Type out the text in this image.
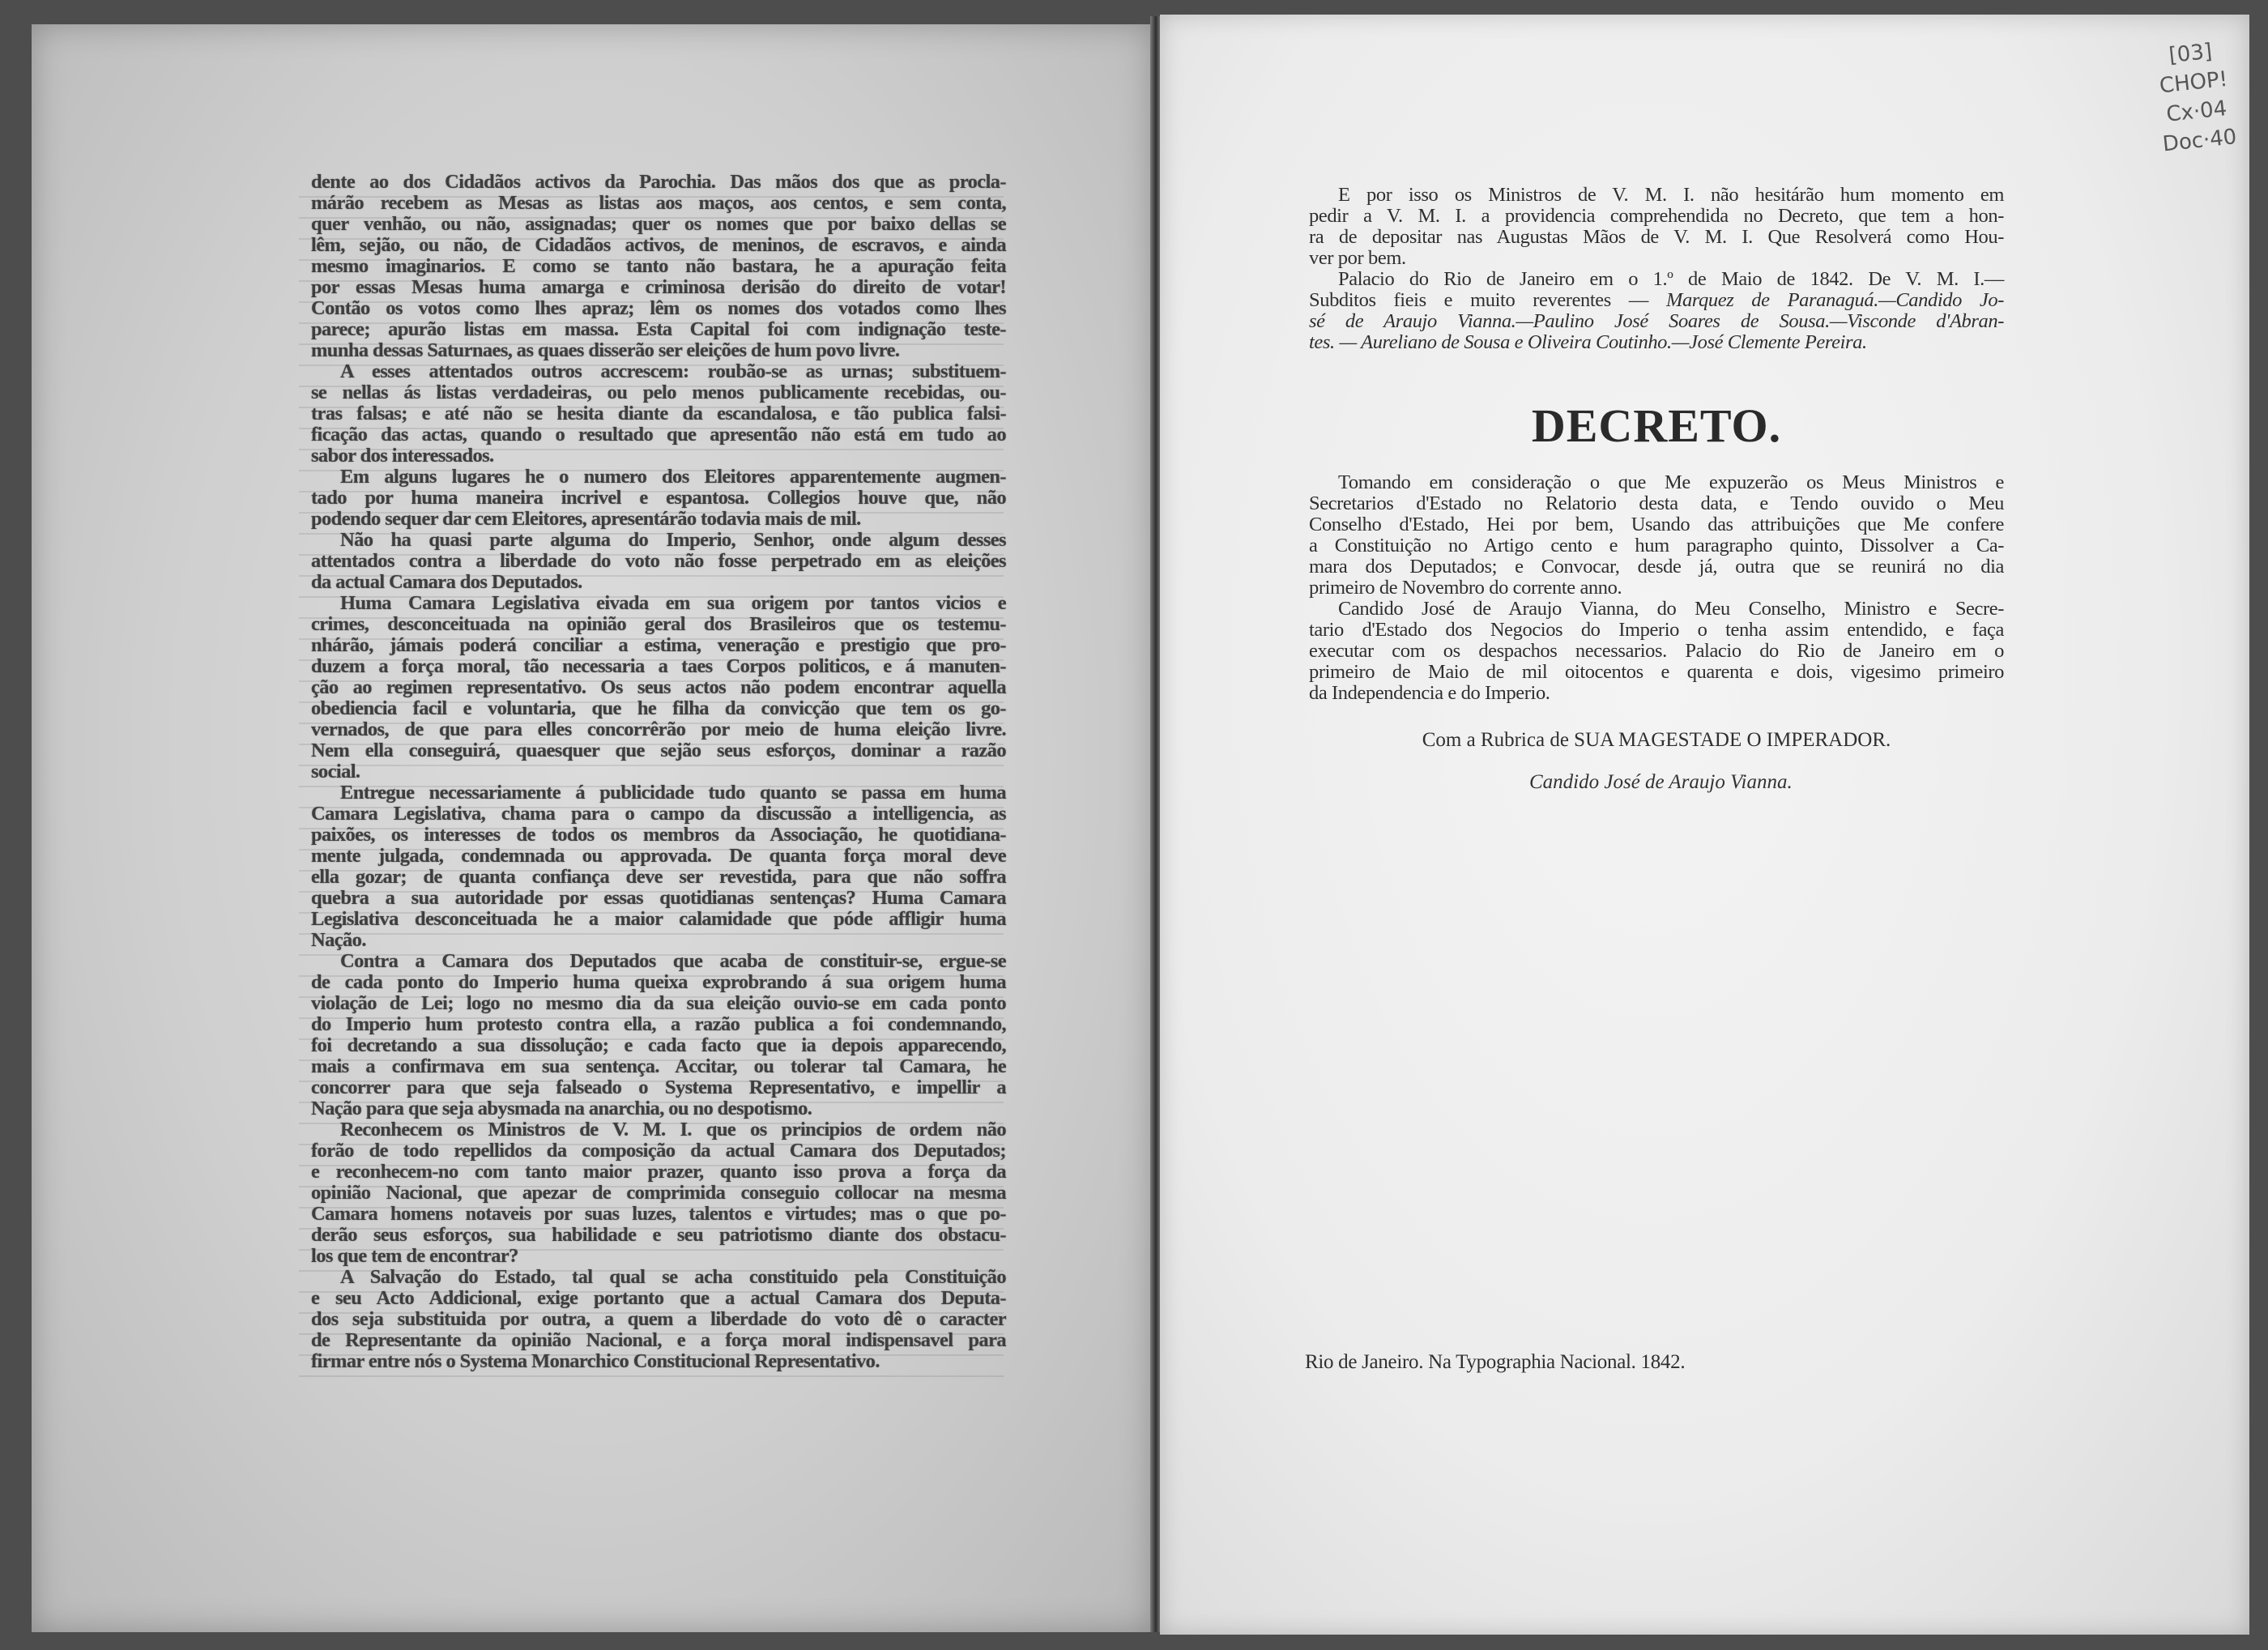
[03]
CHOP!
Cx·04
Doc·40
dente ao dos Cidadãos activos da Parochia. Das mãos dos que as procla-
márão recebem as Mesas as listas aos maços, aos centos, e sem conta,
quer venhão, ou não, assignadas; quer os nomes que por baixo dellas se
lêm, sejão, ou não, de Cidadãos activos, de meninos, de escravos, e ainda
mesmo imaginarios. E como se tanto não bastara, he a apuração feita
por essas Mesas huma amarga e criminosa derisão do direito de votar!
Contão os votos como lhes apraz; lêm os nomes dos votados como lhes
parece; apurão listas em massa. Esta Capital foi com indignação teste-
munha dessas Saturnaes, as quaes disserão ser eleições de hum povo livre.
A esses attentados outros accrescem: roubão-se as urnas; substituem-
se nellas ás listas verdadeiras, ou pelo menos publicamente recebidas, ou-
tras falsas; e até não se hesita diante da escandalosa, e tão publica falsi-
ficação das actas, quando o resultado que apresentão não está em tudo ao
sabor dos interessados.
Em alguns lugares he o numero dos Eleitores apparentemente augmen-
tado por huma maneira incrivel e espantosa. Collegios houve que, não
podendo sequer dar cem Eleitores, apresentárão todavia mais de mil.
Não ha quasi parte alguma do Imperio, Senhor, onde algum desses
attentados contra a liberdade do voto não fosse perpetrado em as eleições
da actual Camara dos Deputados.
Huma Camara Legislativa eivada em sua origem por tantos vicios e
crimes, desconceituada na opinião geral dos Brasileiros que os testemu-
nhárão, jámais poderá conciliar a estima, veneração e prestigio que pro-
duzem a força moral, tão necessaria a taes Corpos politicos, e á manuten-
ção ao regimen representativo. Os seus actos não podem encontrar aquella
obediencia facil e voluntaria, que he filha da convicção que tem os go-
vernados, de que para elles concorrêrão por meio de huma eleição livre.
Nem ella conseguirá, quaesquer que sejão seus esforços, dominar a razão
social.
Entregue necessariamente á publicidade tudo quanto se passa em huma
Camara Legislativa, chama para o campo da discussão a intelligencia, as
paixões, os interesses de todos os membros da Associação, he quotidiana-
mente julgada, condemnada ou approvada. De quanta força moral deve
ella gozar; de quanta confiança deve ser revestida, para que não soffra
quebra a sua autoridade por essas quotidianas sentenças? Huma Camara
Legislativa desconceituada he a maior calamidade que póde affligir huma
Nação.
Contra a Camara dos Deputados que acaba de constituir-se, ergue-se
de cada ponto do Imperio huma queixa exprobrando á sua origem huma
violação de Lei; logo no mesmo dia da sua eleição ouvio-se em cada ponto
do Imperio hum protesto contra ella, a razão publica a foi condemnando,
foi decretando a sua dissolução; e cada facto que ia depois apparecendo,
mais a confirmava em sua sentença. Accitar, ou tolerar tal Camara, he
concorrer para que seja falseado o Systema Representativo, e impellir a
Nação para que seja abysmada na anarchia, ou no despotismo.
Reconhecem os Ministros de V. M. I. que os principios de ordem não
forão de todo repellidos da composição da actual Camara dos Deputados;
e reconhecem-no com tanto maior prazer, quanto isso prova a força da
opinião Nacional, que apezar de comprimida conseguio collocar na mesma
Camara homens notaveis por suas luzes, talentos e virtudes; mas o que po-
derão seus esforços, sua habilidade e seu patriotismo diante dos obstacu-
los que tem de encontrar?
A Salvação do Estado, tal qual se acha constituido pela Constituição
e seu Acto Addicional, exige portanto que a actual Camara dos Deputa-
dos seja substituida por outra, a quem a liberdade do voto dê o caracter
de Representante da opinião Nacional, e a força moral indispensavel para
firmar entre nós o Systema Monarchico Constitucional Representativo.
E por isso os Ministros de V. M. I. não hesitárão hum momento em
pedir a V. M. I. a providencia comprehendida no Decreto, que tem a hon-
ra de depositar nas Augustas Mãos de V. M. I. Que Resolverá como Hou-
ver por bem.
Palacio do Rio de Janeiro em o 1.º de Maio de 1842. De V. M. I.—
Subditos fieis e muito reverentes — Marquez de Paranaguá.—Candido Jo-
sé de Araujo Vianna.—Paulino José Soares de Sousa.—Visconde d'Abran-
tes. — Aureliano de Sousa e Oliveira Coutinho.—José Clemente Pereira.
DECRETO.
Tomando em consideração o que Me expuzerão os Meus Ministros e
Secretarios d'Estado no Relatorio desta data, e Tendo ouvido o Meu
Conselho d'Estado, Hei por bem, Usando das attribuições que Me confere
a Constituição no Artigo cento e hum paragrapho quinto, Dissolver a Ca-
mara dos Deputados; e Convocar, desde já, outra que se reunirá no dia
primeiro de Novembro do corrente anno.
Candido José de Araujo Vianna, do Meu Conselho, Ministro e Secre-
tario d'Estado dos Negocios do Imperio o tenha assim entendido, e faça
executar com os despachos necessarios. Palacio do Rio de Janeiro em o
primeiro de Maio de mil oitocentos e quarenta e dois, vigesimo primeiro
da Independencia e do Imperio.
Com a Rubrica de SUA MAGESTADE O IMPERADOR.
Candido José de Araujo Vianna.
Rio de Janeiro. Na Typographia Nacional. 1842.
